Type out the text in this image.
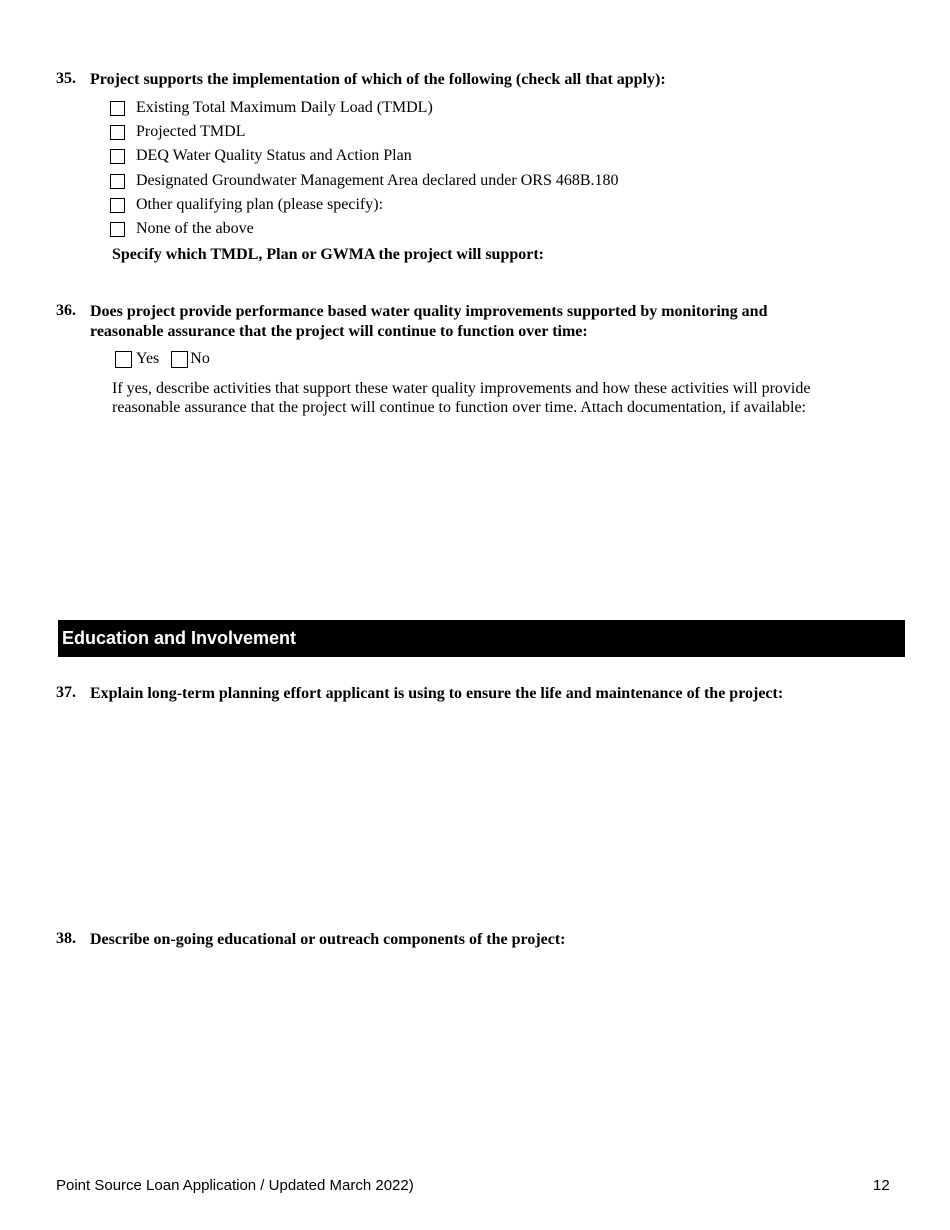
35. Project supports the implementation of which of the following (check all that apply):
Existing Total Maximum Daily Load (TMDL)
Projected TMDL
DEQ Water Quality Status and Action Plan
Designated Groundwater Management Area declared under ORS 468B.180
Other qualifying plan (please specify):
None of the above
Specify which TMDL, Plan or GWMA the project will support:
36. Does project provide performance based water quality improvements supported by monitoring and
reasonable assurance that the project will continue to function over time:
Yes No
If yes, describe activities that support these water quality improvements and how these activities will provide
reasonable assurance that the project will continue to function over time. Attach documentation, if available:
Education and Involvement
37. Explain long-term planning effort applicant is using to ensure the life and maintenance of the project:
38. Describe on-going educational or outreach components of the project:
Point Source Loan Application / Updated March 2022)	12
